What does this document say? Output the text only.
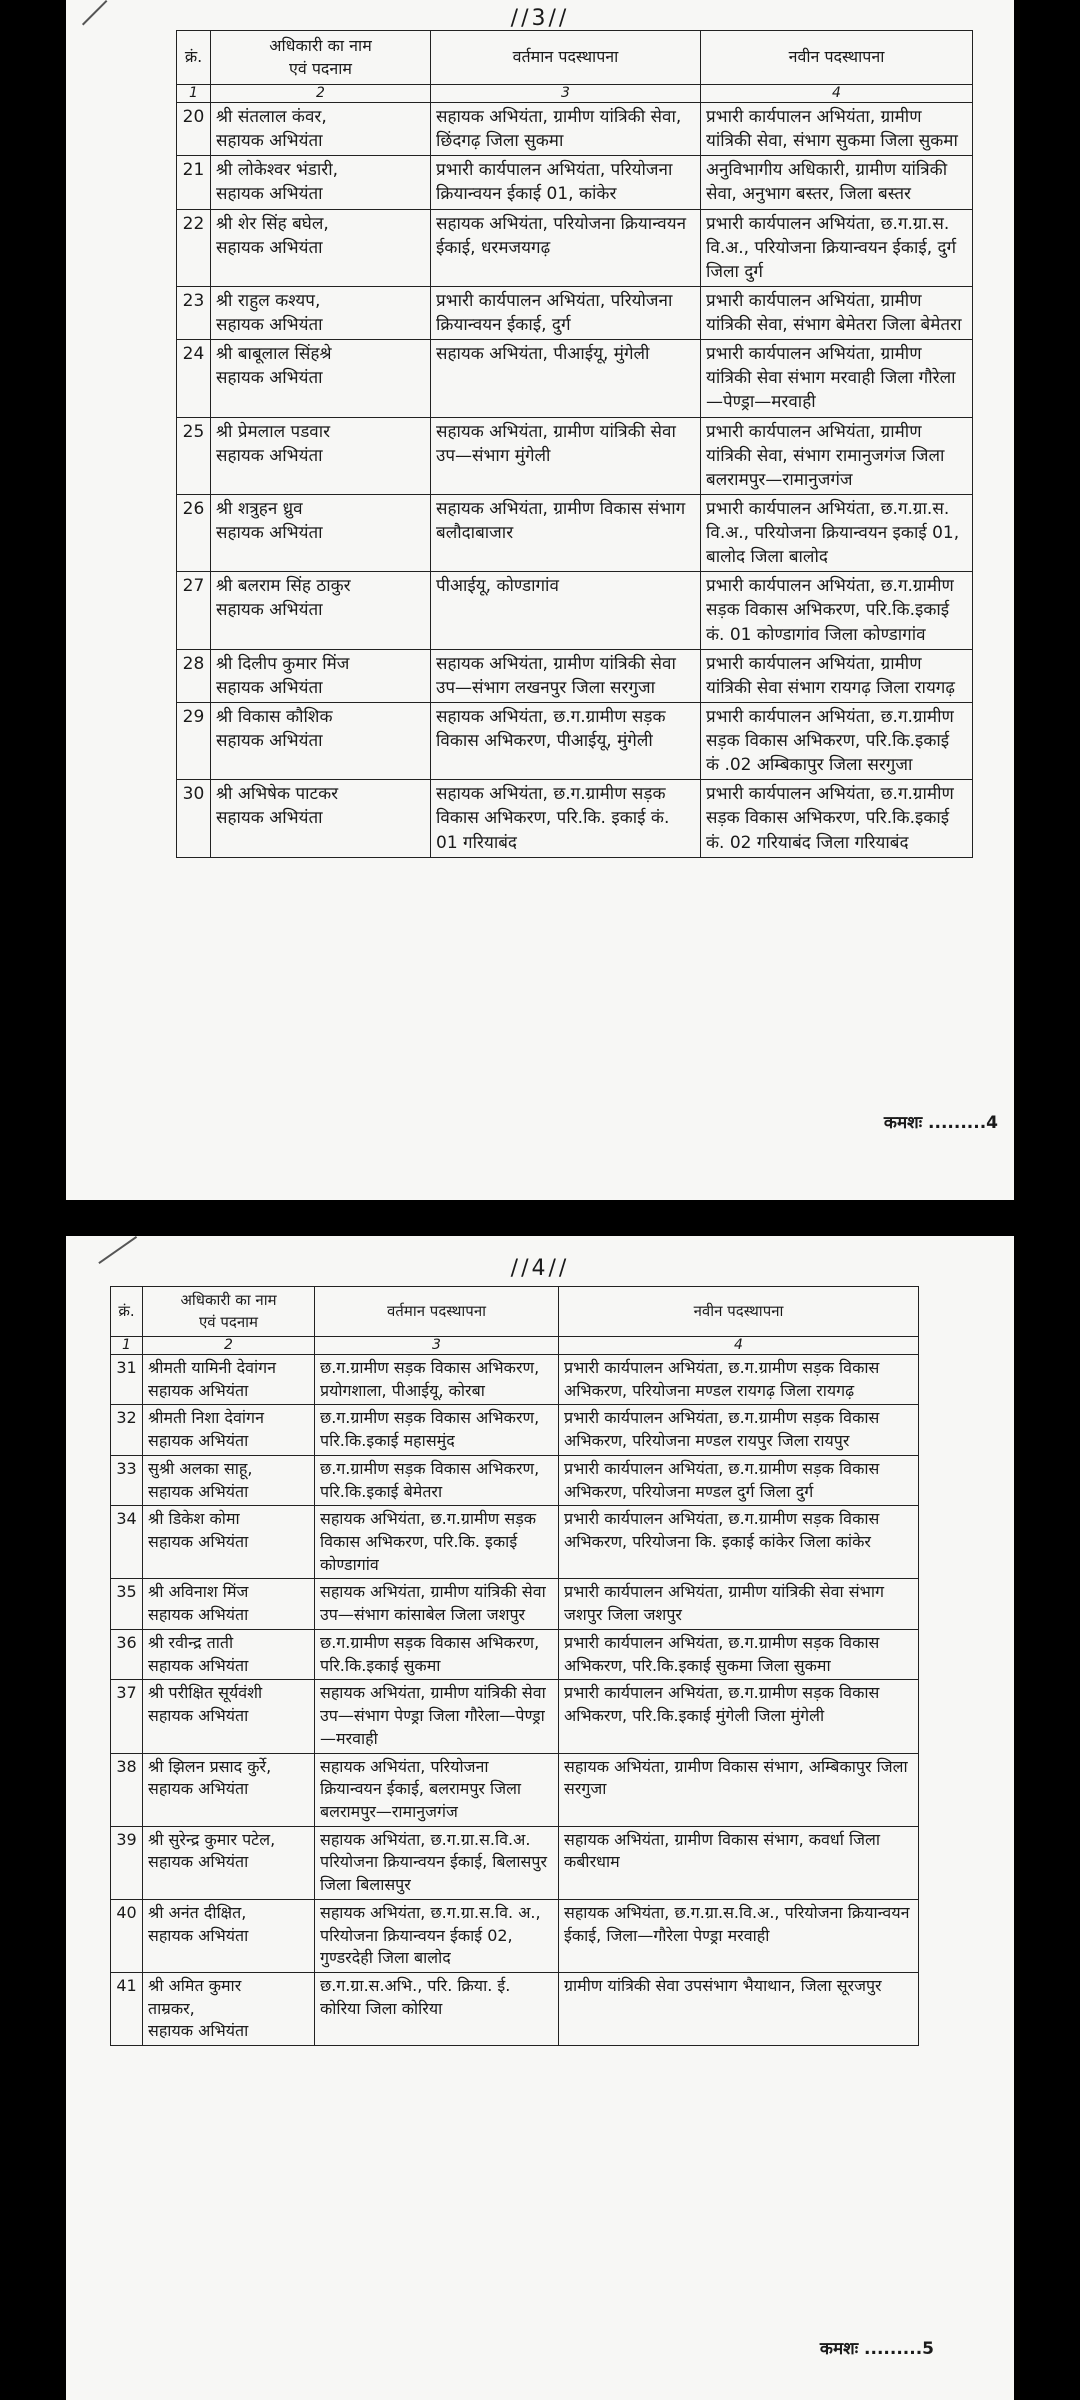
//3//
क्रं.	अधिकारी का नाम
एवं पदनाम	वर्तमान पदस्थापना	नवीन पदस्थापना
1	2	3	4
20	श्री संतलाल कंवर,
सहायक अभियंता	सहायक अभियंता, ग्रामीण यांत्रिकी सेवा, छिंदगढ़ जिला सुकमा	प्रभारी कार्यपालन अभियंता, ग्रामीण यांत्रिकी सेवा, संभाग सुकमा जिला सुकमा
21	श्री लोकेश्वर भंडारी,
सहायक अभियंता	प्रभारी कार्यपालन अभियंता, परियोजना क्रियान्वयन ईकाई 01, कांकेर	अनुविभागीय अधिकारी, ग्रामीण यांत्रिकी सेवा, अनुभाग बस्तर, जिला बस्तर
22	श्री शेर सिंह बघेल,
सहायक अभियंता	सहायक अभियंता, परियोजना क्रियान्वयन ईकाई, धरमजयगढ़	प्रभारी कार्यपालन अभियंता, छ.ग.ग्रा.स. वि.अ., परियोजना क्रियान्वयन ईकाई, दुर्ग जिला दुर्ग
23	श्री राहुल कश्यप,
सहायक अभियंता	प्रभारी कार्यपालन अभियंता, परियोजना क्रियान्वयन ईकाई, दुर्ग	प्रभारी कार्यपालन अभियंता, ग्रामीण यांत्रिकी सेवा, संभाग बेमेतरा जिला बेमेतरा
24	श्री बाबूलाल सिंहश्रे
सहायक अभियंता	सहायक अभियंता, पीआईयू, मुंगेली	प्रभारी कार्यपालन अभियंता, ग्रामीण यांत्रिकी सेवा संभाग मरवाही जिला गौरेला—पेण्ड्रा—मरवाही
25	श्री प्रेमलाल पडवार
सहायक अभियंता	सहायक अभियंता, ग्रामीण यांत्रिकी सेवा उप—संभाग मुंगेली	प्रभारी कार्यपालन अभियंता, ग्रामीण यांत्रिकी सेवा, संभाग रामानुजगंज जिला बलरामपुर—रामानुजगंज
26	श्री शत्रुहन ध्रुव
सहायक अभियंता	सहायक अभियंता, ग्रामीण विकास संभाग बलौदाबाजार	प्रभारी कार्यपालन अभियंता, छ.ग.ग्रा.स. वि.अ., परियोजना क्रियान्वयन इकाई 01, बालोद जिला बालोद
27	श्री बलराम सिंह ठाकुर
सहायक अभियंता	पीआईयू, कोण्डागांव	प्रभारी कार्यपालन अभियंता, छ.ग.ग्रामीण सड़क विकास अभिकरण, परि.कि.इकाई कं. 01 कोण्डागांव जिला कोण्डागांव
28	श्री दिलीप कुमार मिंज
सहायक अभियंता	सहायक अभियंता, ग्रामीण यांत्रिकी सेवा उप—संभाग लखनपुर जिला सरगुजा	प्रभारी कार्यपालन अभियंता, ग्रामीण यांत्रिकी सेवा संभाग रायगढ़ जिला रायगढ़
29	श्री विकास कौशिक
सहायक अभियंता	सहायक अभियंता, छ.ग.ग्रामीण सड़क विकास अभिकरण, पीआईयू, मुंगेली	प्रभारी कार्यपालन अभियंता, छ.ग.ग्रामीण सड़क विकास अभिकरण, परि.कि.इकाई कं .02 अम्बिकापुर जिला सरगुजा
30	श्री अभिषेक पाटकर
सहायक अभियंता	सहायक अभियंता, छ.ग.ग्रामीण सड़क विकास अभिकरण, परि.कि. इकाई कं. 01 गरियाबंद	प्रभारी कार्यपालन अभियंता, छ.ग.ग्रामीण सड़क विकास अभिकरण, परि.कि.इकाई कं. 02 गरियाबंद जिला गरियाबंद
कमशः .........4
//4//
क्रं.	अधिकारी का नाम
एवं पदनाम	वर्तमान पदस्थापना	नवीन पदस्थापना
1	2	3	4
31	श्रीमती यामिनी देवांगन
सहायक अभियंता	छ.ग.ग्रामीण सड़क विकास अभिकरण, प्रयोगशाला, पीआईयू, कोरबा	प्रभारी कार्यपालन अभियंता, छ.ग.ग्रामीण सड़क विकास अभिकरण, परियोजना मण्डल रायगढ़ जिला रायगढ़
32	श्रीमती निशा देवांगन
सहायक अभियंता	छ.ग.ग्रामीण सड़क विकास अभिकरण, परि.कि.इकाई महासमुंद	प्रभारी कार्यपालन अभियंता, छ.ग.ग्रामीण सड़क विकास अभिकरण, परियोजना मण्डल रायपुर जिला रायपुर
33	सुश्री अलका साहू,
सहायक अभियंता	छ.ग.ग्रामीण सड़क विकास अभिकरण, परि.कि.इकाई बेमेतरा	प्रभारी कार्यपालन अभियंता, छ.ग.ग्रामीण सड़क विकास अभिकरण, परियोजना मण्डल दुर्ग जिला दुर्ग
34	श्री डिकेश कोमा
सहायक अभियंता	सहायक अभियंता, छ.ग.ग्रामीण सड़क विकास अभिकरण, परि.कि. इकाई कोण्डागांव	प्रभारी कार्यपालन अभियंता, छ.ग.ग्रामीण सड़क विकास अभिकरण, परियोजना कि. इकाई कांकेर जिला कांकेर
35	श्री अविनाश मिंज
सहायक अभियंता	सहायक अभियंता, ग्रामीण यांत्रिकी सेवा उप—संभाग कांसाबेल जिला जशपुर	प्रभारी कार्यपालन अभियंता, ग्रामीण यांत्रिकी सेवा संभाग जशपुर जिला जशपुर
36	श्री रवीन्द्र ताती
सहायक अभियंता	छ.ग.ग्रामीण सड़क विकास अभिकरण, परि.कि.इकाई सुकमा	प्रभारी कार्यपालन अभियंता, छ.ग.ग्रामीण सड़क विकास अभिकरण, परि.कि.इकाई सुकमा जिला सुकमा
37	श्री परीक्षित सूर्यवंशी
सहायक अभियंता	सहायक अभियंता, ग्रामीण यांत्रिकी सेवा उप—संभाग पेण्ड्रा जिला गौरेला—पेण्ड्रा—मरवाही	प्रभारी कार्यपालन अभियंता, छ.ग.ग्रामीण सड़क विकास अभिकरण, परि.कि.इकाई मुंगेली जिला मुंगेली
38	श्री झिलन प्रसाद कुर्रे,
सहायक अभियंता	सहायक अभियंता, परियोजना क्रियान्वयन ईकाई, बलरामपुर जिला बलरामपुर—रामानुजगंज	सहायक अभियंता, ग्रामीण विकास संभाग, अम्बिकापुर जिला सरगुजा
39	श्री सुरेन्द्र कुमार पटेल,
सहायक अभियंता	सहायक अभियंता, छ.ग.ग्रा.स.वि.अ. परियोजना क्रियान्वयन ईकाई, बिलासपुर जिला बिलासपुर	सहायक अभियंता, ग्रामीण विकास संभाग, कवर्धा जिला कबीरधाम
40	श्री अनंत दीक्षित,
सहायक अभियंता	सहायक अभियंता, छ.ग.ग्रा.स.वि. अ., परियोजना क्रियान्वयन ईकाई 02, गुण्डरदेही जिला बालोद	सहायक अभियंता, छ.ग.ग्रा.स.वि.अ., परियोजना क्रियान्वयन ईकाई, जिला—गौरेला पेण्ड्रा मरवाही
41	श्री अमित कुमार
ताम्रकर,
सहायक अभियंता	छ.ग.ग्रा.स.अभि., परि. क्रिया. ई. कोरिया जिला कोरिया	ग्रामीण यांत्रिकी सेवा उपसंभाग भैयाथान, जिला सूरजपुर
कमशः .........5
